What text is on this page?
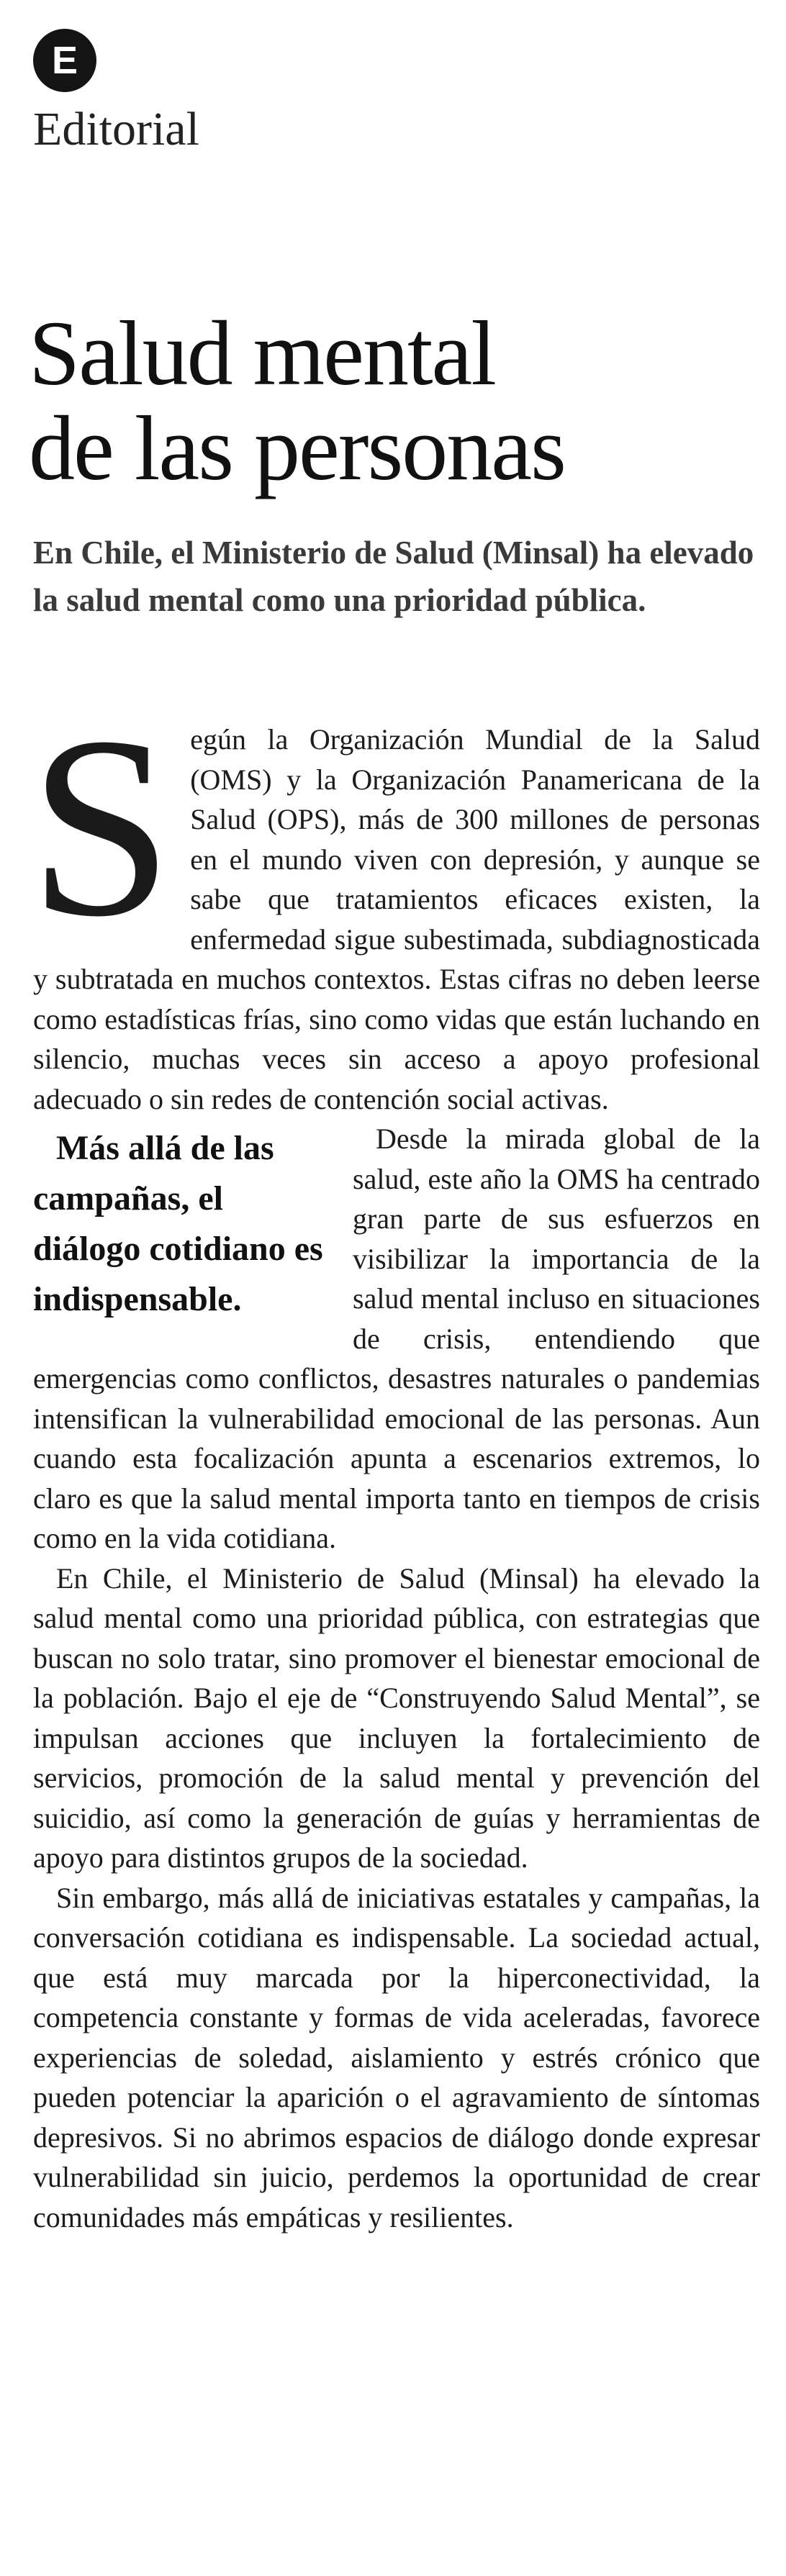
E
Editorial
Salud mental
de las personas

En Chile, el Ministerio de Salud (Minsal) ha elevado la salud mental como una prioridad pública.

Según la Organización Mundial de la Salud (OMS) y la Organización Panamericana de la Salud (OPS), más de 300 millones de personas en el mundo viven con depresión, y aunque se sabe que tratamientos eficaces existen, la enfermedad sigue subestimada, subdiagnosticada y subtratada en muchos contextos. Estas cifras no deben leerse como estadísticas frías, sino como vidas que están luchando en silencio, muchas veces sin acceso a apoyo profesional adecuado o sin redes de contención social activas.

Más allá de las campañas, el diálogo cotidiano es indispensable.
Desde la mirada global de la salud, este año la OMS ha centrado gran parte de sus esfuerzos en visibilizar la importancia de la salud mental incluso en situaciones de crisis, entendiendo que emergencias como conflictos, desastres naturales o pandemias intensifican la vulnerabilidad emocional de las personas. Aun cuando esta focalización apunta a escenarios extremos, lo claro es que la salud mental importa tanto en tiempos de crisis como en la vida cotidiana.

En Chile, el Ministerio de Salud (Minsal) ha elevado la salud mental como una prioridad pública, con estrategias que buscan no solo tratar, sino promover el bienestar emocional de la población. Bajo el eje de “Construyendo Salud Mental”, se impulsan acciones que incluyen la fortalecimiento de servicios, promoción de la salud mental y prevención del suicidio, así como la generación de guías y herramientas de apoyo para distintos grupos de la sociedad.

Sin embargo, más allá de iniciativas estatales y campañas, la conversación cotidiana es indispensable. La sociedad actual, que está muy marcada por la hiperconectividad, la competencia constante y formas de vida aceleradas, favorece experiencias de soledad, aislamiento y estrés crónico que pueden potenciar la aparición o el agravamiento de síntomas depresivos. Si no abrimos espacios de diálogo donde expresar vulnerabilidad sin juicio, perdemos la oportunidad de crear comunidades más empáticas y resilientes.
